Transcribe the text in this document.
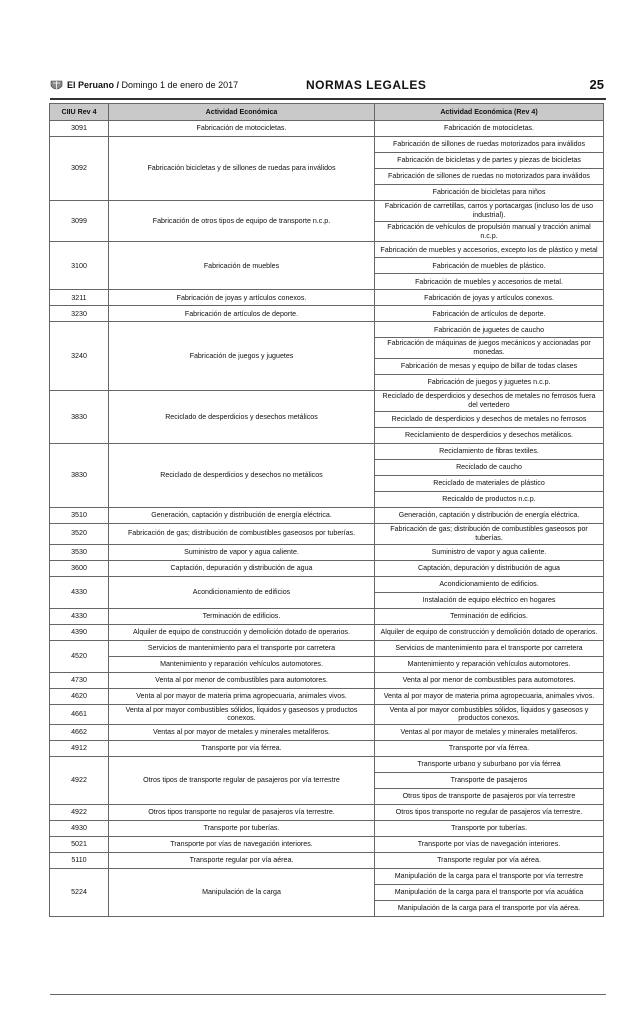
El Peruano / Domingo 1 de enero de 2017	NORMAS LEGALES	25
CIIU Rev 4	Actividad Económica	Actividad Económica (Rev 4)
3091	Fabricación de motocicletas.	Fabricación de motocicletas.
3092	Fabricación bicicletas y de sillones de ruedas para inválidos	Fabricación de sillones de ruedas motorizados para inválidos
		Fabricación de bicicletas y de partes y piezas de bicicletas
		Fabricación de sillones de ruedas no motorizados para inválidos
		Fabricación de bicicletas para niños
3099	Fabricación de otros tipos de equipo de transporte n.c.p.	Fabricación de carretillas, carros y portacargas (incluso los de uso industrial).
		Fabricación de vehículos de propulsión manual y tracción animal n.c.p.
3100	Fabricación de muebles	Fabricación de muebles y accesorios, excepto los de plástico y metal
		Fabricación de muebles de plástico.
		Fabricación de muebles y accesorios de metal.
3211	Fabricación de joyas y artículos conexos.	Fabricación de joyas y artículos conexos.
3230	Fabricación de artículos de deporte.	Fabricación de artículos de deporte.
3240	Fabricación de juegos y juguetes	Fabricación de juguetes de caucho
		Fabricación de máquinas de juegos mecánicos y accionadas por monedas.
		Fabricación de mesas y equipo de billar de todas clases
		Fabricación de juegos y juguetes n.c.p.
3830	Reciclado de desperdicios y desechos metálicos	Reciclado de desperdicios y desechos de metales no ferrosos fuera del vertedero
		Reciclado de desperdicios y desechos de metales no ferrosos
		Reciclamiento de desperdicios y desechos metálicos.
3830	Reciclado de desperdicios y desechos no metálicos	Reciclamiento de fibras textiles.
		Reciclado de caucho
		Reciclado de materiales de plástico
		Recicaldo de productos n.c.p.
3510	Generación, captación y distribución de energía eléctrica.	Generación, captación y distribución de energía eléctrica.
3520	Fabricación de gas; distribución de combustibles gaseosos por tuberías.	Fabricación de gas; distribución de combustibles gaseosos por tuberías.
3530	Suministro de vapor y agua caliente.	Suministro de vapor y agua caliente.
3600	Captación, depuración y distribución de agua	Captación, depuración y distribución de agua
4330	Acondicionamiento de edificios	Acondicionamiento de edificios.
		Instalación de equipo eléctrico en hogares
4330	Terminación de edificios.	Terminación de edificios.
4390	Alquiler de equipo de construcción y demolición dotado de operarios.	Alquiler de equipo de construcción y demolición dotado de operarios.
4520	Servicios de mantenimiento para el transporte por carretera	Servicios de mantenimiento para el transporte por carretera
	Mantenimiento y reparación vehículos automotores.	Mantenimiento y reparación vehículos automotores.
4730	Venta al por menor de combustibles para automotores.	Venta al por menor de combustibles para automotores.
4620	Venta al por mayor de materia prima agropecuaria, animales vivos.	Venta al por mayor de materia prima agropecuaria, animales vivos.
4661	Venta al por mayor combustibles sólidos, líquidos y gaseosos y productos conexos.	Venta al por mayor combustibles sólidos, líquidos y gaseosos y productos conexos.
4662	Ventas al por mayor de metales y minerales metalíferos.	Ventas al por mayor de metales y minerales metalíferos.
4912	Transporte por vía férrea.	Transporte por vía férrea.
4922	Otros tipos de transporte regular de pasajeros por vía terrestre	Transporte urbano y suburbano por vía férrea
		Transporte de pasajeros
		Otros tipos de transporte de pasajeros por vía terrestre
4922	Otros tipos transporte no regular de pasajeros vía terrestre.	Otros tipos transporte no regular de pasajeros vía terrestre.
4930	Transporte por tuberías.	Transporte por tuberías.
5021	Transporte por vías de navegación interiores.	Transporte por vías de navegación interiores.
5110	Transporte regular por vía aérea.	Transporte regular por vía aérea.
5224	Manipulación de la carga	Manipulación de la carga para el transporte por vía terrestre
		Manipulación de la carga para el transporte por vía acuática
		Manipulación de la carga para el transporte por vía aérea.
